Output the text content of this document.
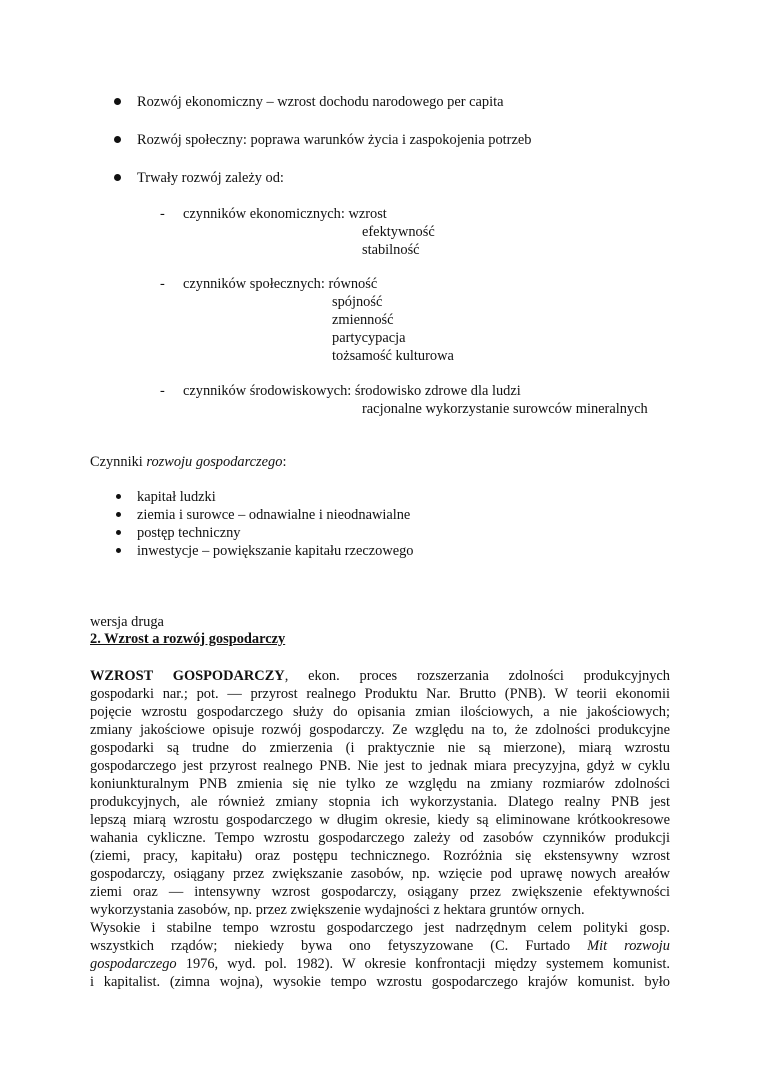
Rozwój ekonomiczny – wzrost dochodu narodowego per capita
Rozwój społeczny: poprawa warunków życia i zaspokojenia potrzeb
Trwały rozwój zależy od:
- czynników ekonomicznych: wzrost
efektywność
stabilność
- czynników społecznych: równość
spójność
zmienność
partycypacja
tożsamość kulturowa
- czynników środowiskowych: środowisko zdrowe dla ludzi
racjonalne wykorzystanie surowców mineralnych
Czynniki rozwoju gospodarczego:
kapitał ludzki
ziemia i surowce – odnawialne i nieodnawialne
postęp techniczny
inwestycje – powiększanie kapitału rzeczowego
wersja druga
2. Wzrost a rozwój gospodarczy
WZROST GOSPODARCZY, ekon. proces rozszerzania zdolności produkcyjnych
gospodarki nar.; pot. — przyrost realnego Produktu Nar. Brutto (PNB). W teorii ekonomii
pojęcie wzrostu gospodarczego służy do opisania zmian ilościowych, a nie jakościowych;
zmiany jakościowe opisuje rozwój gospodarczy. Ze względu na to, że zdolności produkcyjne
gospodarki są trudne do zmierzenia (i praktycznie nie są mierzone), miarą wzrostu
gospodarczego jest przyrost realnego PNB. Nie jest to jednak miara precyzyjna, gdyż w cyklu
koniunkturalnym PNB zmienia się nie tylko ze względu na zmiany rozmiarów zdolności
produkcyjnych, ale również zmiany stopnia ich wykorzystania. Dlatego realny PNB jest
lepszą miarą wzrostu gospodarczego w długim okresie, kiedy są eliminowane krótkookresowe
wahania cykliczne. Tempo wzrostu gospodarczego zależy od zasobów czynników produkcji
(ziemi, pracy, kapitału) oraz postępu technicznego. Rozróżnia się ekstensywny wzrost
gospodarczy, osiągany przez zwiększanie zasobów, np. wzięcie pod uprawę nowych areałów
ziemi oraz — intensywny wzrost gospodarczy, osiągany przez zwiększenie efektywności
wykorzystania zasobów, np. przez zwiększenie wydajności z hektara gruntów ornych.
Wysokie i stabilne tempo wzrostu gospodarczego jest nadrzędnym celem polityki gosp.
wszystkich rządów; niekiedy bywa ono fetyszyzowane (C. Furtado Mit rozwoju
gospodarczego 1976, wyd. pol. 1982). W okresie konfrontacji między systemem komunist.
i kapitalist. (zimna wojna), wysokie tempo wzrostu gospodarczego krajów komunist. było
